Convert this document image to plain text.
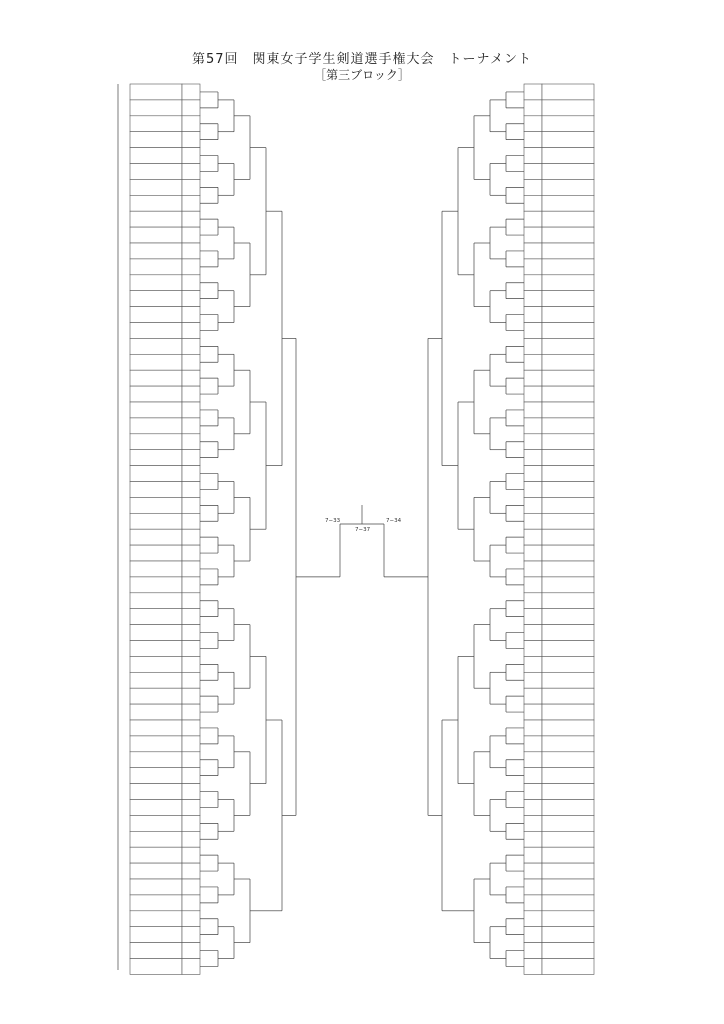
第57回　関東女子学生剣道選手権大会　トーナメント
［第三ブロック］
7−33
7−37
7−34
